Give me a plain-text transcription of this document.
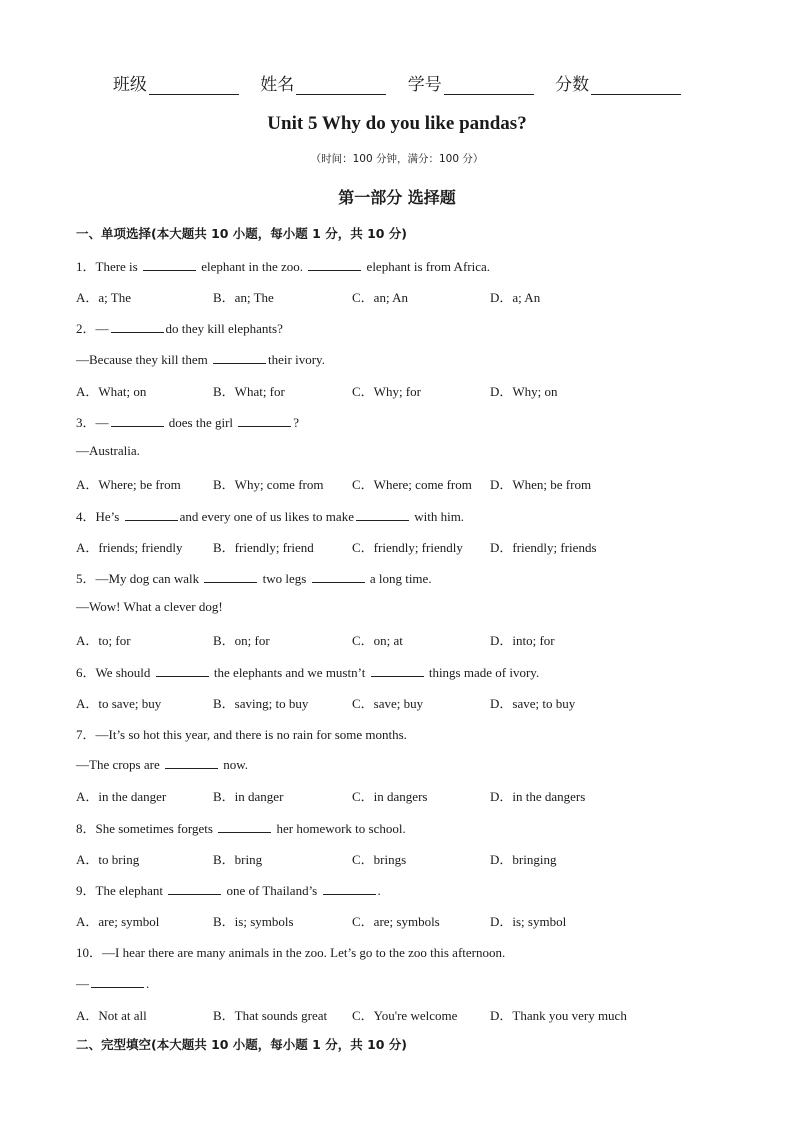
班级	姓名	学号	分数
Unit 5 Why do you like pandas?
（时间：100 分钟，满分：100 分）
第一部分 选择题
一、单项选择(本大题共 10 小题，每小题 1 分，共 10 分)
1．There is	elephant in the zoo.	elephant is from Africa.
A．a; The	B．an; The	C．an; An	D．a; An
2．—	do they kill elephants?
—Because they kill them	their ivory.
A．What; on	B．What; for	C．Why; for	D．Why; on
3．—	does the girl	?
—Australia.
A．Where; be from B．Why; come from C．Where; come from D．When; be from
4．He’s	and every one of us likes to make	with him.
A．friends; friendly B．friendly; friend	C．friendly; friendly D．friendly; friends
5．—My dog can walk	two legs	a long time.
—Wow! What a clever dog!
A．to; for	B．on; for	C．on; at	D．into; for
6．We should	the elephants and we mustn’t	things made of ivory.
A．to save; buy	B．saving; to buy	C．save; buy	D．save; to buy
7．—It’s so hot this year, and there is no rain for some months.
—The crops are	now.
A．in the danger	B．in danger	C．in dangers	D．in the dangers
8．She sometimes forgets	her homework to school.
A．to bring	B．bring	C．brings	D．bringing
9．The elephant	one of Thailand’s	.
A．are; symbol	B．is; symbols	C．are; symbols	D．is; symbol
10．—I hear there are many animals in the zoo. Let’s go to the zoo this afternoon.
—	.
A．Not at all	B．That sounds great C．You're welcome	D．Thank you very much
二、完型填空(本大题共 10 小题，每小题 1 分，共 10 分)
